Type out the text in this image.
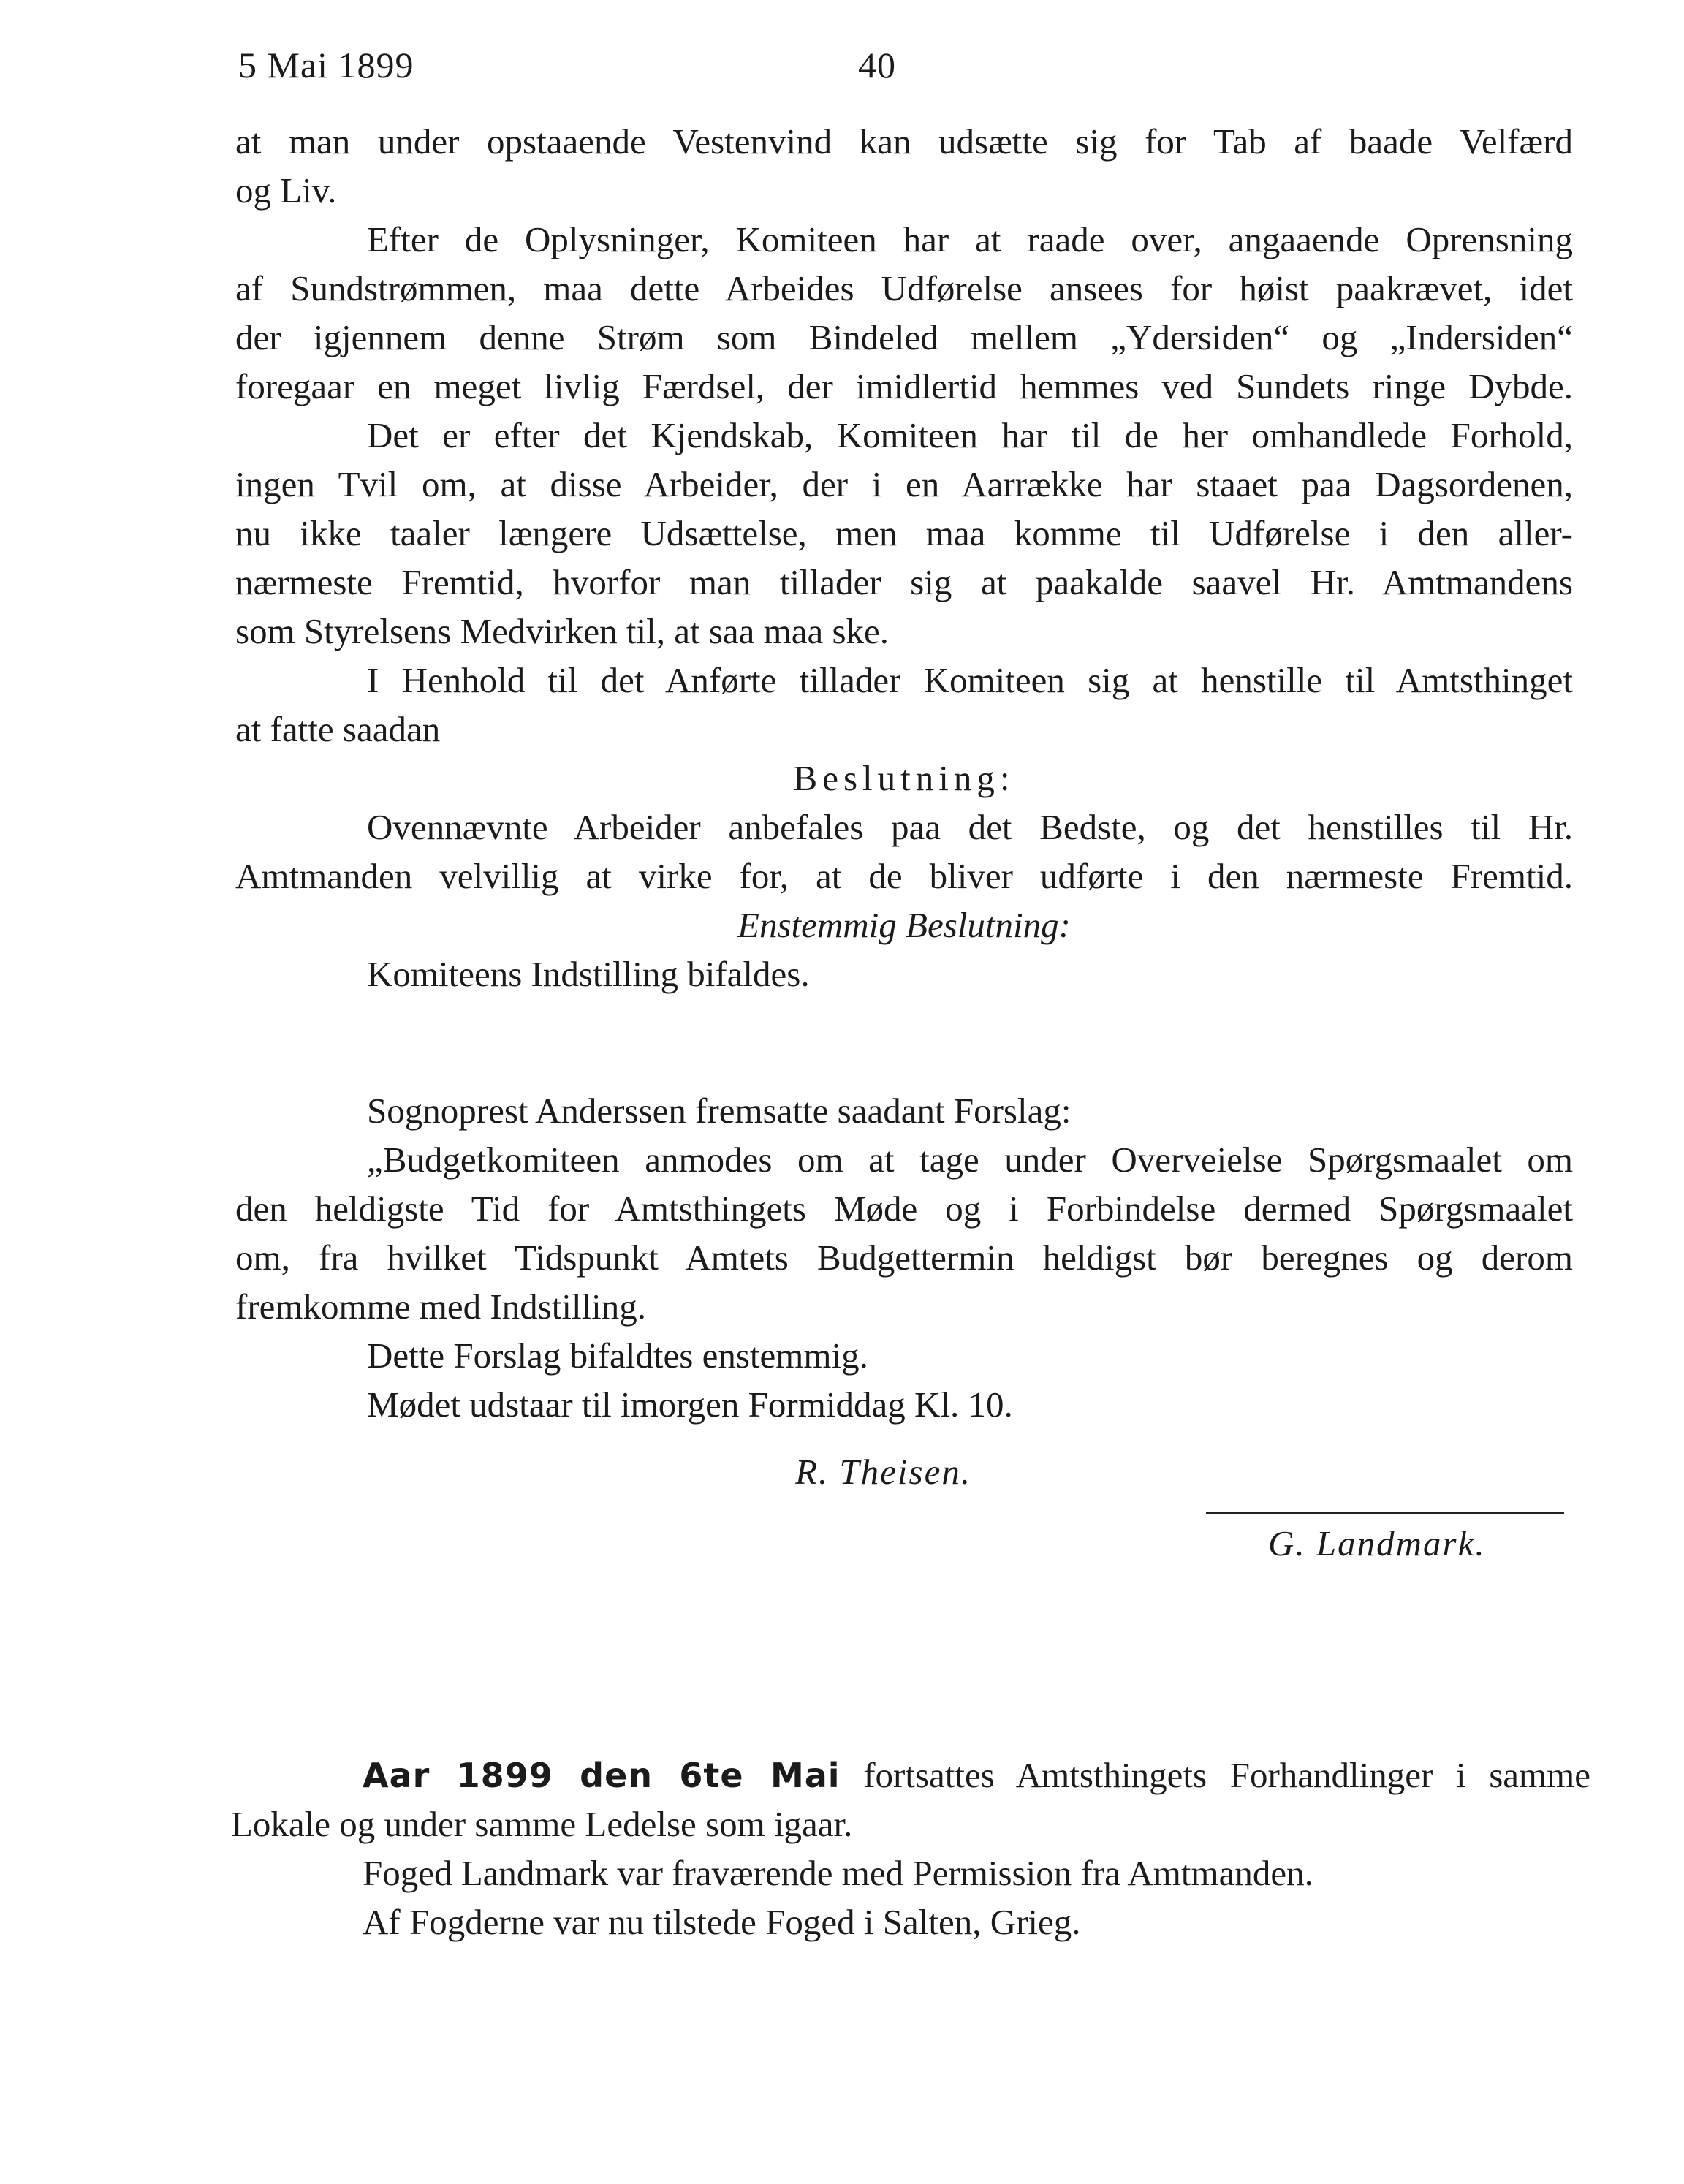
5 Mai 1899	40
at man under opstaaende Vestenvind kan udsætte sig for Tab af baade Velfærd
og Liv.
Efter de Oplysninger, Komiteen har at raade over, angaaende Oprensning
af Sundstrømmen, maa dette Arbeides Udførelse ansees for høist paakrævet, idet
der igjennem denne Strøm som Bindeled mellem „Ydersiden“ og „Indersiden“
foregaar en meget livlig Færdsel, der imidlertid hemmes ved Sundets ringe Dybde.
Det er efter det Kjendskab, Komiteen har til de her omhandlede Forhold,
ingen Tvil om, at disse Arbeider, der i en Aarrække har staaet paa Dagsordenen,
nu ikke taaler længere Udsættelse, men maa komme til Udførelse i den aller-
nærmeste Fremtid, hvorfor man tillader sig at paakalde saavel Hr. Amtmandens
som Styrelsens Medvirken til, at saa maa ske.
I Henhold til det Anførte tillader Komiteen sig at henstille til Amtsthinget
at fatte saadan
Beslutning:
Ovennævnte Arbeider anbefales paa det Bedste, og det henstilles til Hr.
Amtmanden velvillig at virke for, at de bliver udførte i den nærmeste Fremtid.
Enstemmig Beslutning:
Komiteens Indstilling bifaldes.
Sognoprest Anderssen fremsatte saadant Forslag:
„Budgetkomiteen anmodes om at tage under Overveielse Spørgsmaalet om
den heldigste Tid for Amtsthingets Møde og i Forbindelse dermed Spørgsmaalet
om, fra hvilket Tidspunkt Amtets Budgettermin heldigst bør beregnes og derom
fremkomme med Indstilling.
Dette Forslag bifaldtes enstemmig.
Mødet udstaar til imorgen Formiddag Kl. 10.
R. Theisen.
G. Landmark.
Aar 1899 den 6te Mai fortsattes Amtsthingets Forhandlinger i samme
Lokale og under samme Ledelse som igaar.
Foged Landmark var fraværende med Permission fra Amtmanden.
Af Fogderne var nu tilstede Foged i Salten, Grieg.
